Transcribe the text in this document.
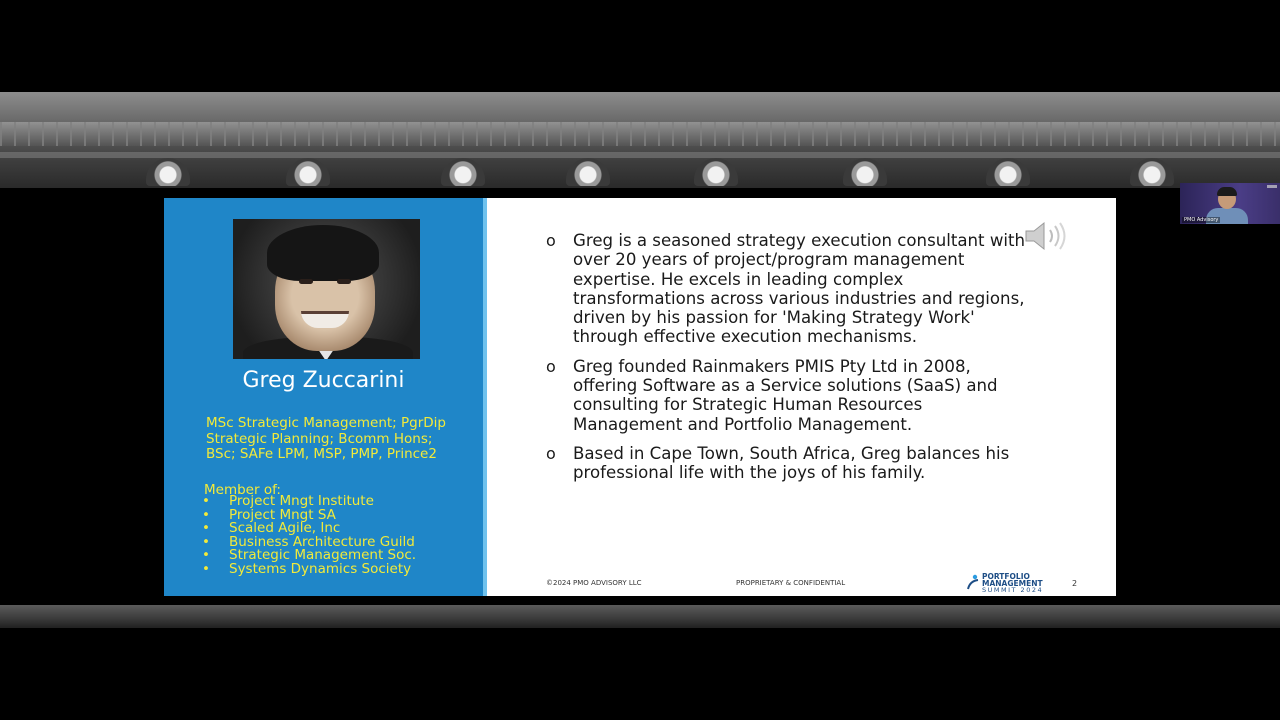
Greg Zuccarini
MSc Strategic Management; PgrDip Strategic Planning; Bcomm Hons; BSc; SAFe LPM, MSP, PMP, Prince2
Member of:
• Project Mngt Institute
• Project Mngt SA
• Scaled Agile, Inc
• Business Architecture Guild
• Strategic Management Soc.
• Systems Dynamics Society
o Greg is a seasoned strategy execution consultant with over 20 years of project/program management expertise. He excels in leading complex transformations across various industries and regions, driven by his passion for 'Making Strategy Work' through effective execution mechanisms.
o Greg founded Rainmakers PMIS Pty Ltd in 2008, offering Software as a Service solutions (SaaS) and consulting for Strategic Human Resources Management and Portfolio Management.
o Based in Cape Town, South Africa, Greg balances his professional life with the joys of his family.
©2024 PMO ADVISORY LLC	PROPRIETARY & CONFIDENTIAL
PORTFOLIO
MANAGEMENT
SUMMIT 2024
2
PMO Advisory
